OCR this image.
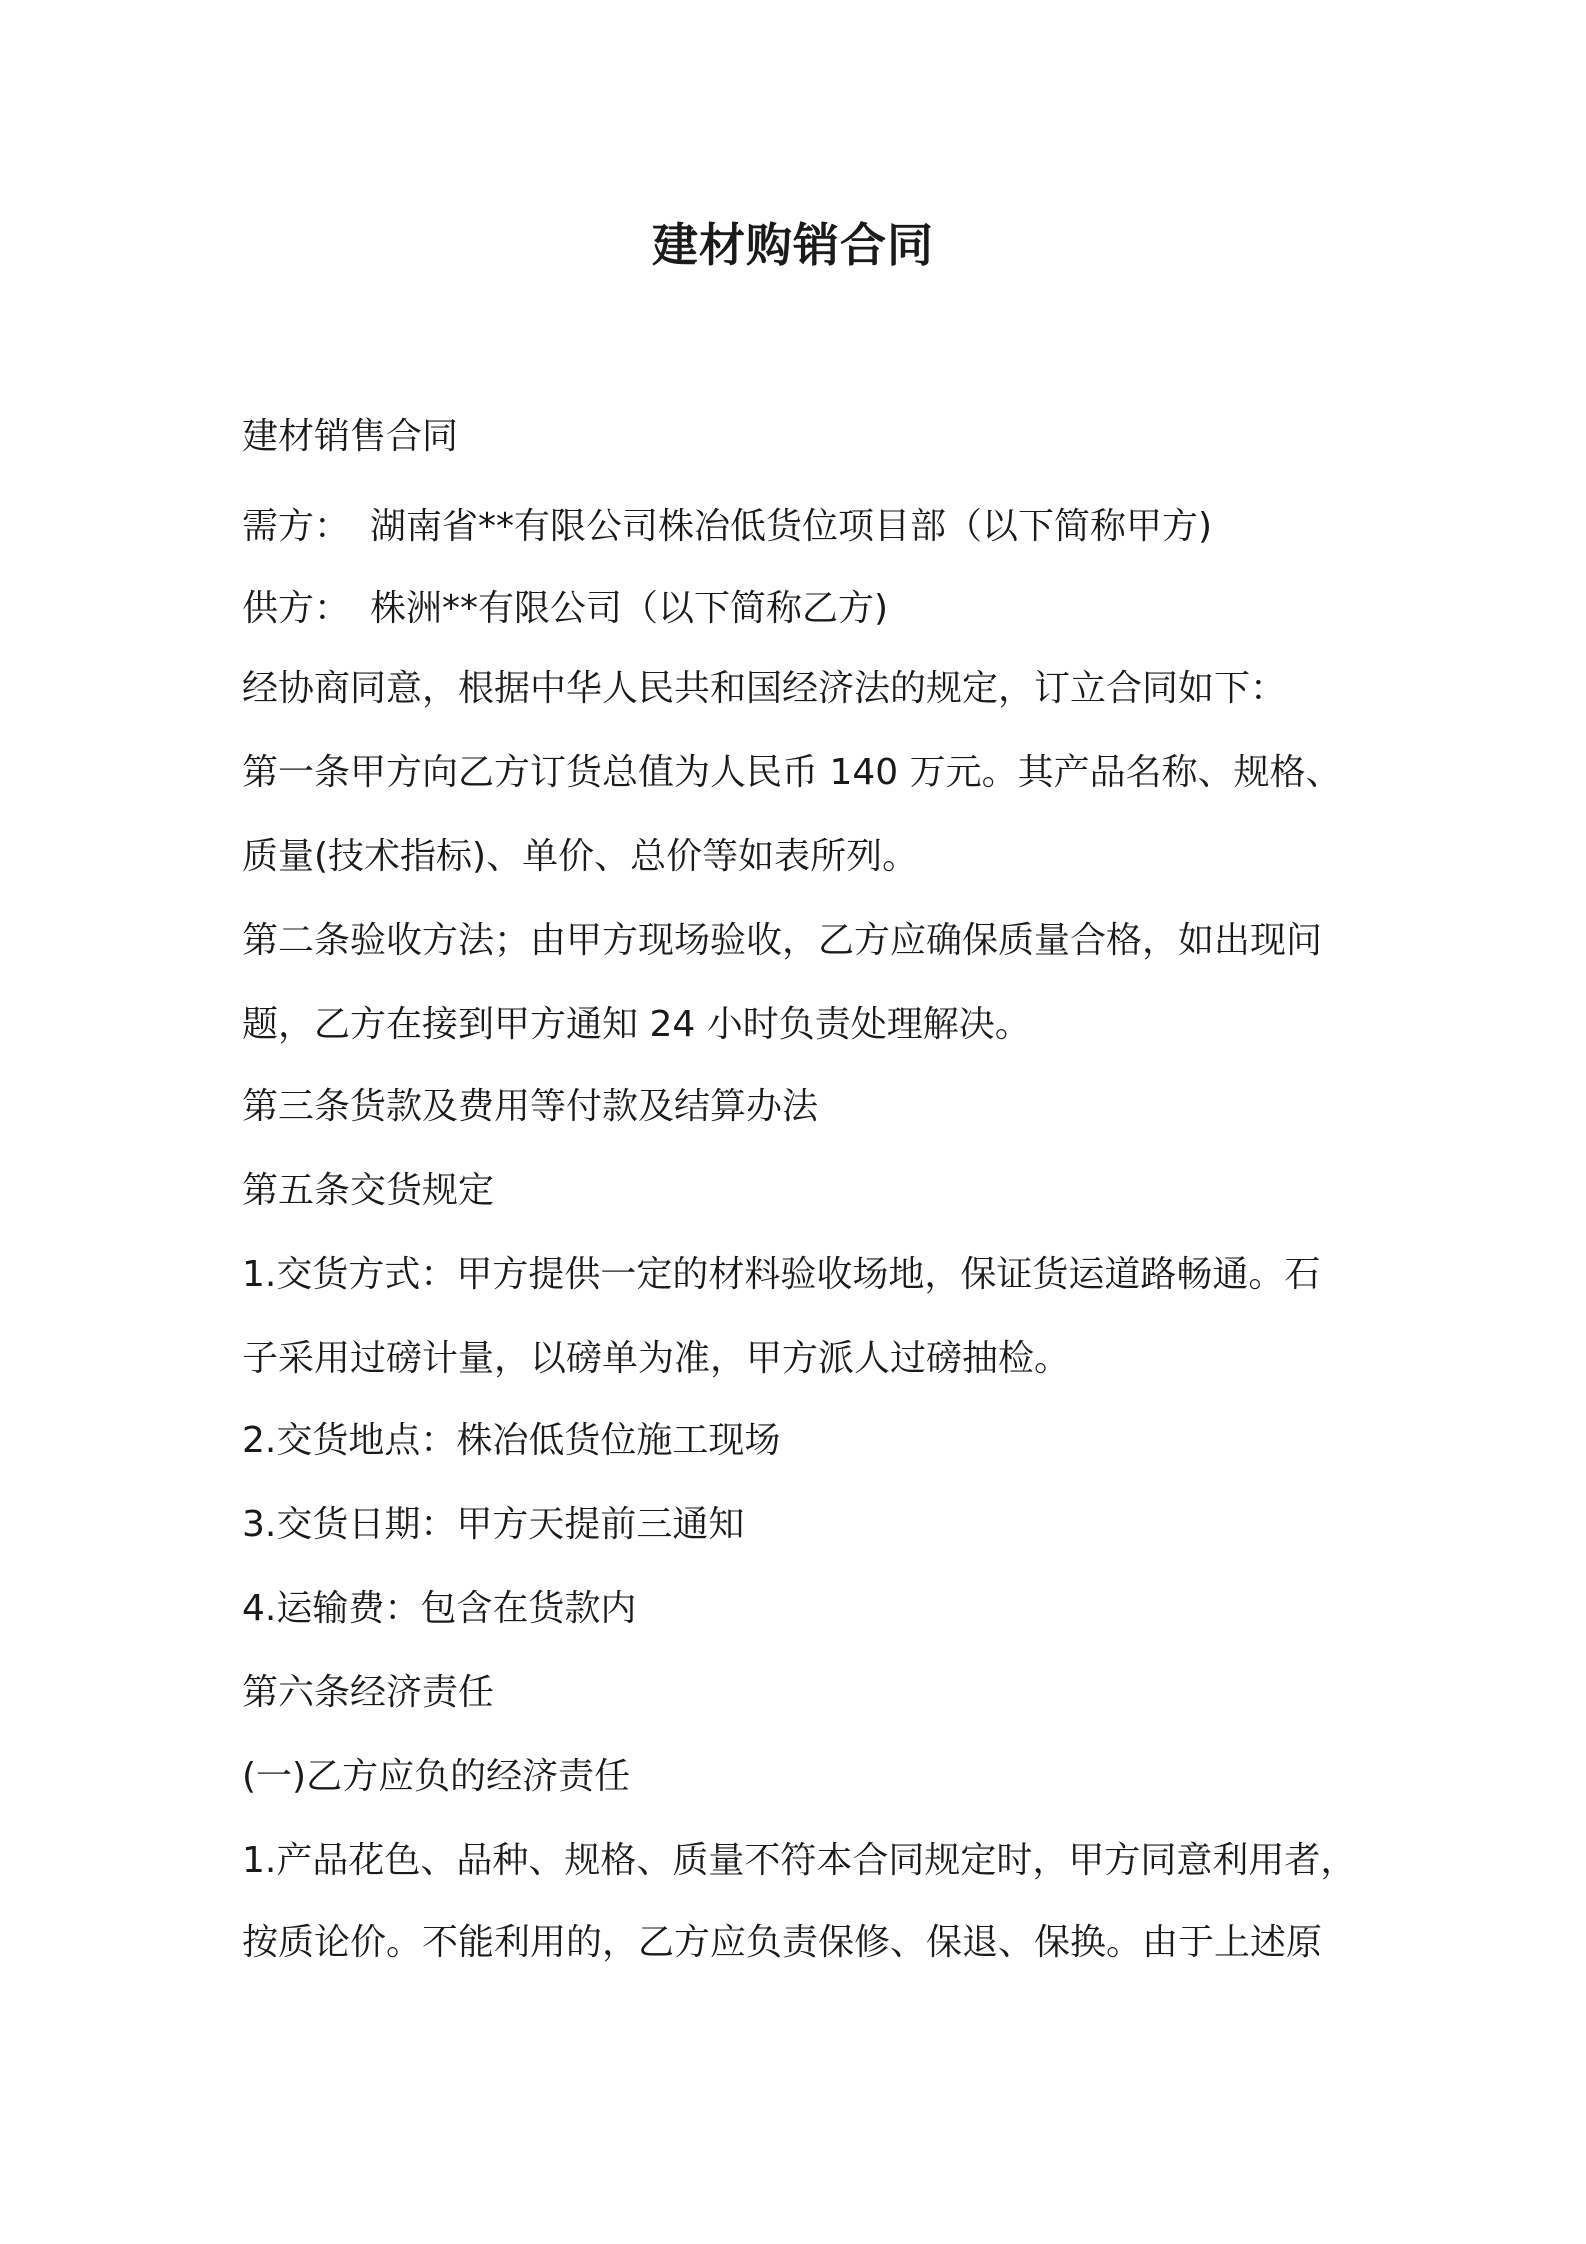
建材购销合同

建材销售合同

需方： 湖南省**有限公司株冶低货位项目部（以下简称甲方)

供方： 株洲**有限公司（以下简称乙方)

经协商同意，根据中华人民共和国经济法的规定，订立合同如下：

第一条甲方向乙方订货总值为人民币 140 万元。其产品名称、规格、

质量(技术指标)、单价、总价等如表所列。

第二条验收方法；由甲方现场验收，乙方应确保质量合格，如出现问

题，乙方在接到甲方通知 24 小时负责处理解决。

第三条货款及费用等付款及结算办法

第五条交货规定

1.交货方式：甲方提供一定的材料验收场地，保证货运道路畅通。石

子采用过磅计量，以磅单为准，甲方派人过磅抽检。

2.交货地点：株冶低货位施工现场

3.交货日期：甲方天提前三通知

4.运输费：包含在货款内

第六条经济责任

(一)乙方应负的经济责任

1.产品花色、品种、规格、质量不符本合同规定时，甲方同意利用者，

按质论价。不能利用的，乙方应负责保修、保退、保换。由于上述原
